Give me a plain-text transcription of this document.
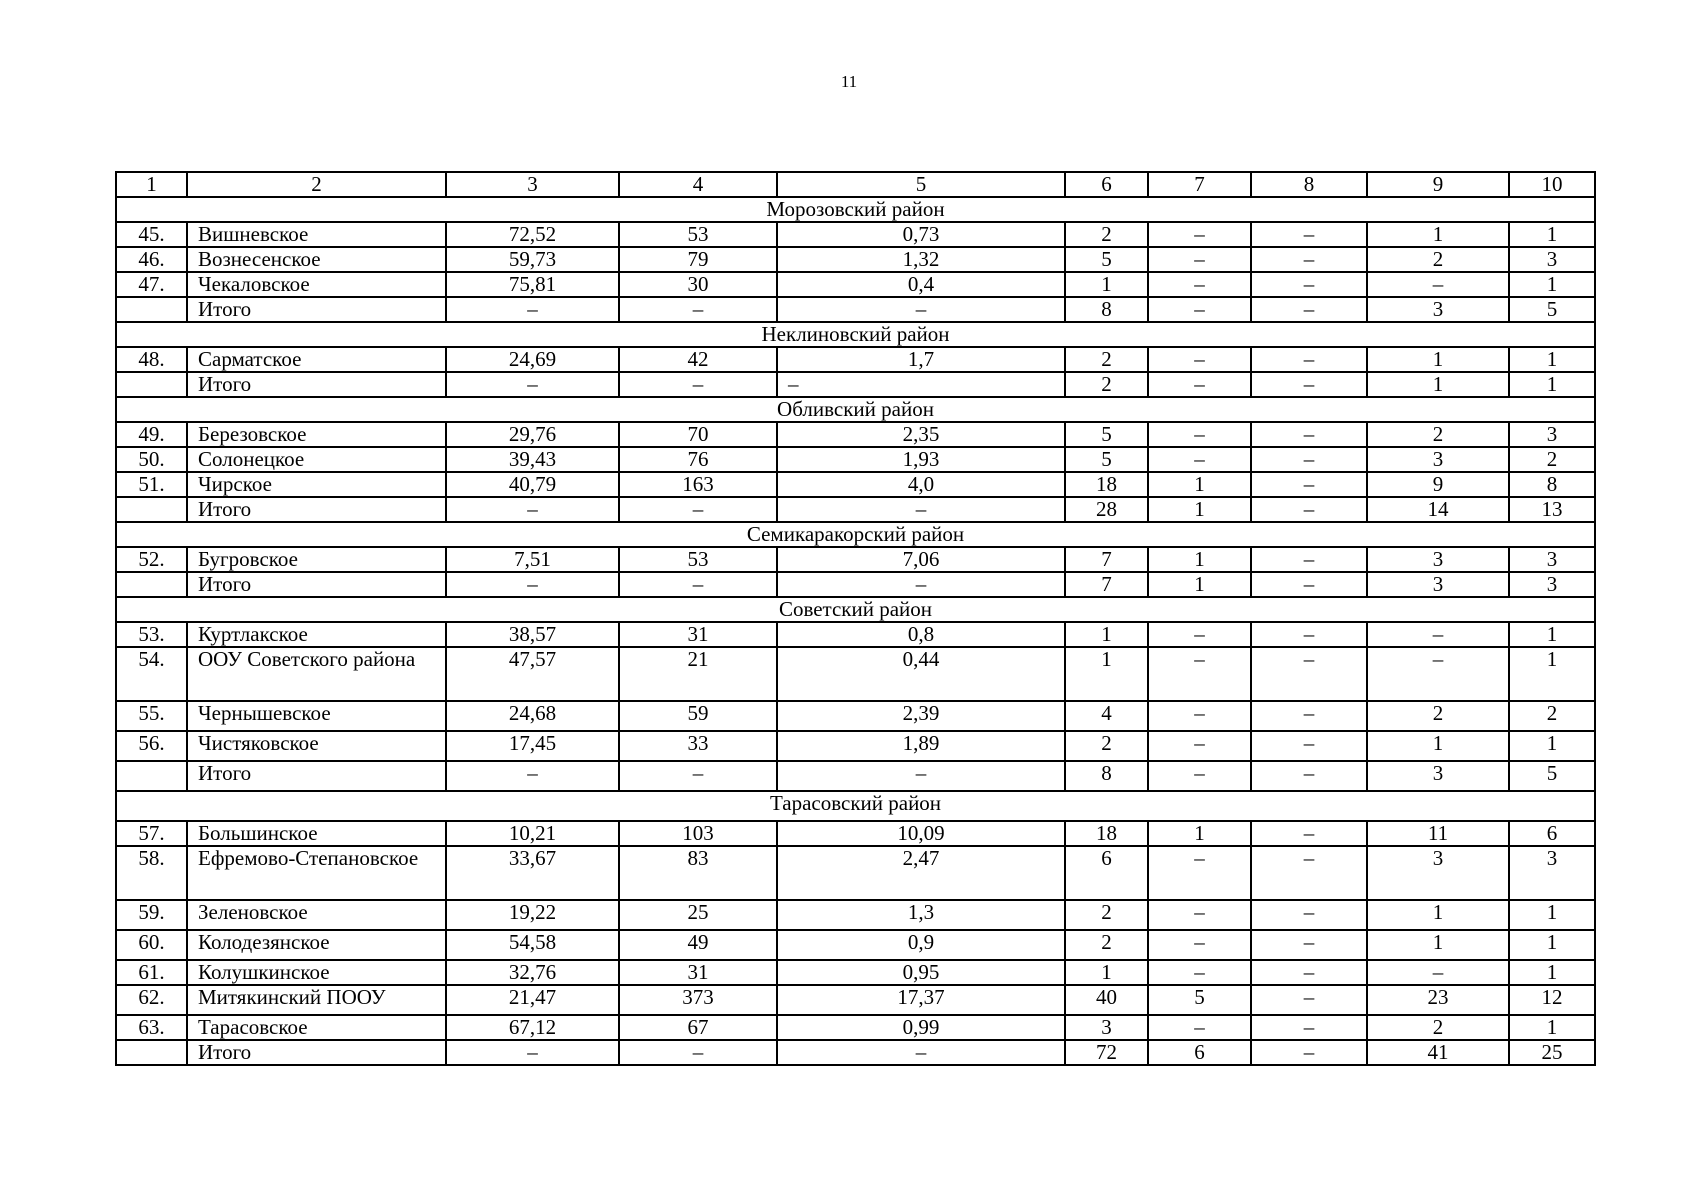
11
1	2	3	4	5	6	7	8	9	10
Морозовский район									
45.	Вишневское	72,52	53	0,73	2	–	–	1	1
46.	Вознесенское	59,73	79	1,32	5	–	–	2	3
47.	Чекаловское	75,81	30	0,4	1	–	–	–	1
	Итого	–	–	–	8	–	–	3	5
Неклиновский район									
48.	Сарматское	24,69	42	1,7	2	–	–	1	1
	Итого	–	–	–	2	–	–	1	1
Обливский район									
49.	Березовское	29,76	70	2,35	5	–	–	2	3
50.	Солонецкое	39,43	76	1,93	5	–	–	3	2
51.	Чирское	40,79	163	4,0	18	1	–	9	8
	Итого	–	–	–	28	1	–	14	13
Семикаракорский район									
52.	Бугровское	7,51	53	7,06	7	1	–	3	3
	Итого	–	–	–	7	1	–	3	3
Советский район									
53.	Куртлакское	38,57	31	0,8	1	–	–	–	1
54.	ООУ Советского района	47,57	21	0,44	1	–	–	–	1
55.	Чернышевское	24,68	59	2,39	4	–	–	2	2
56.	Чистяковское	17,45	33	1,89	2	–	–	1	1
	Итого	–	–	–	8	–	–	3	5
Тарасовский район									
57.	Большинское	10,21	103	10,09	18	1	–	11	6
58.	Ефремово-Степановское	33,67	83	2,47	6	–	–	3	3
59.	Зеленовское	19,22	25	1,3	2	–	–	1	1
60.	Колодезянское	54,58	49	0,9	2	–	–	1	1
61.	Колушкинское	32,76	31	0,95	1	–	–	–	1
62.	Митякинский ПООУ	21,47	373	17,37	40	5	–	23	12
63.	Тарасовское	67,12	67	0,99	3	–	–	2	1
	Итого	–	–	–	72	6	–	41	25
